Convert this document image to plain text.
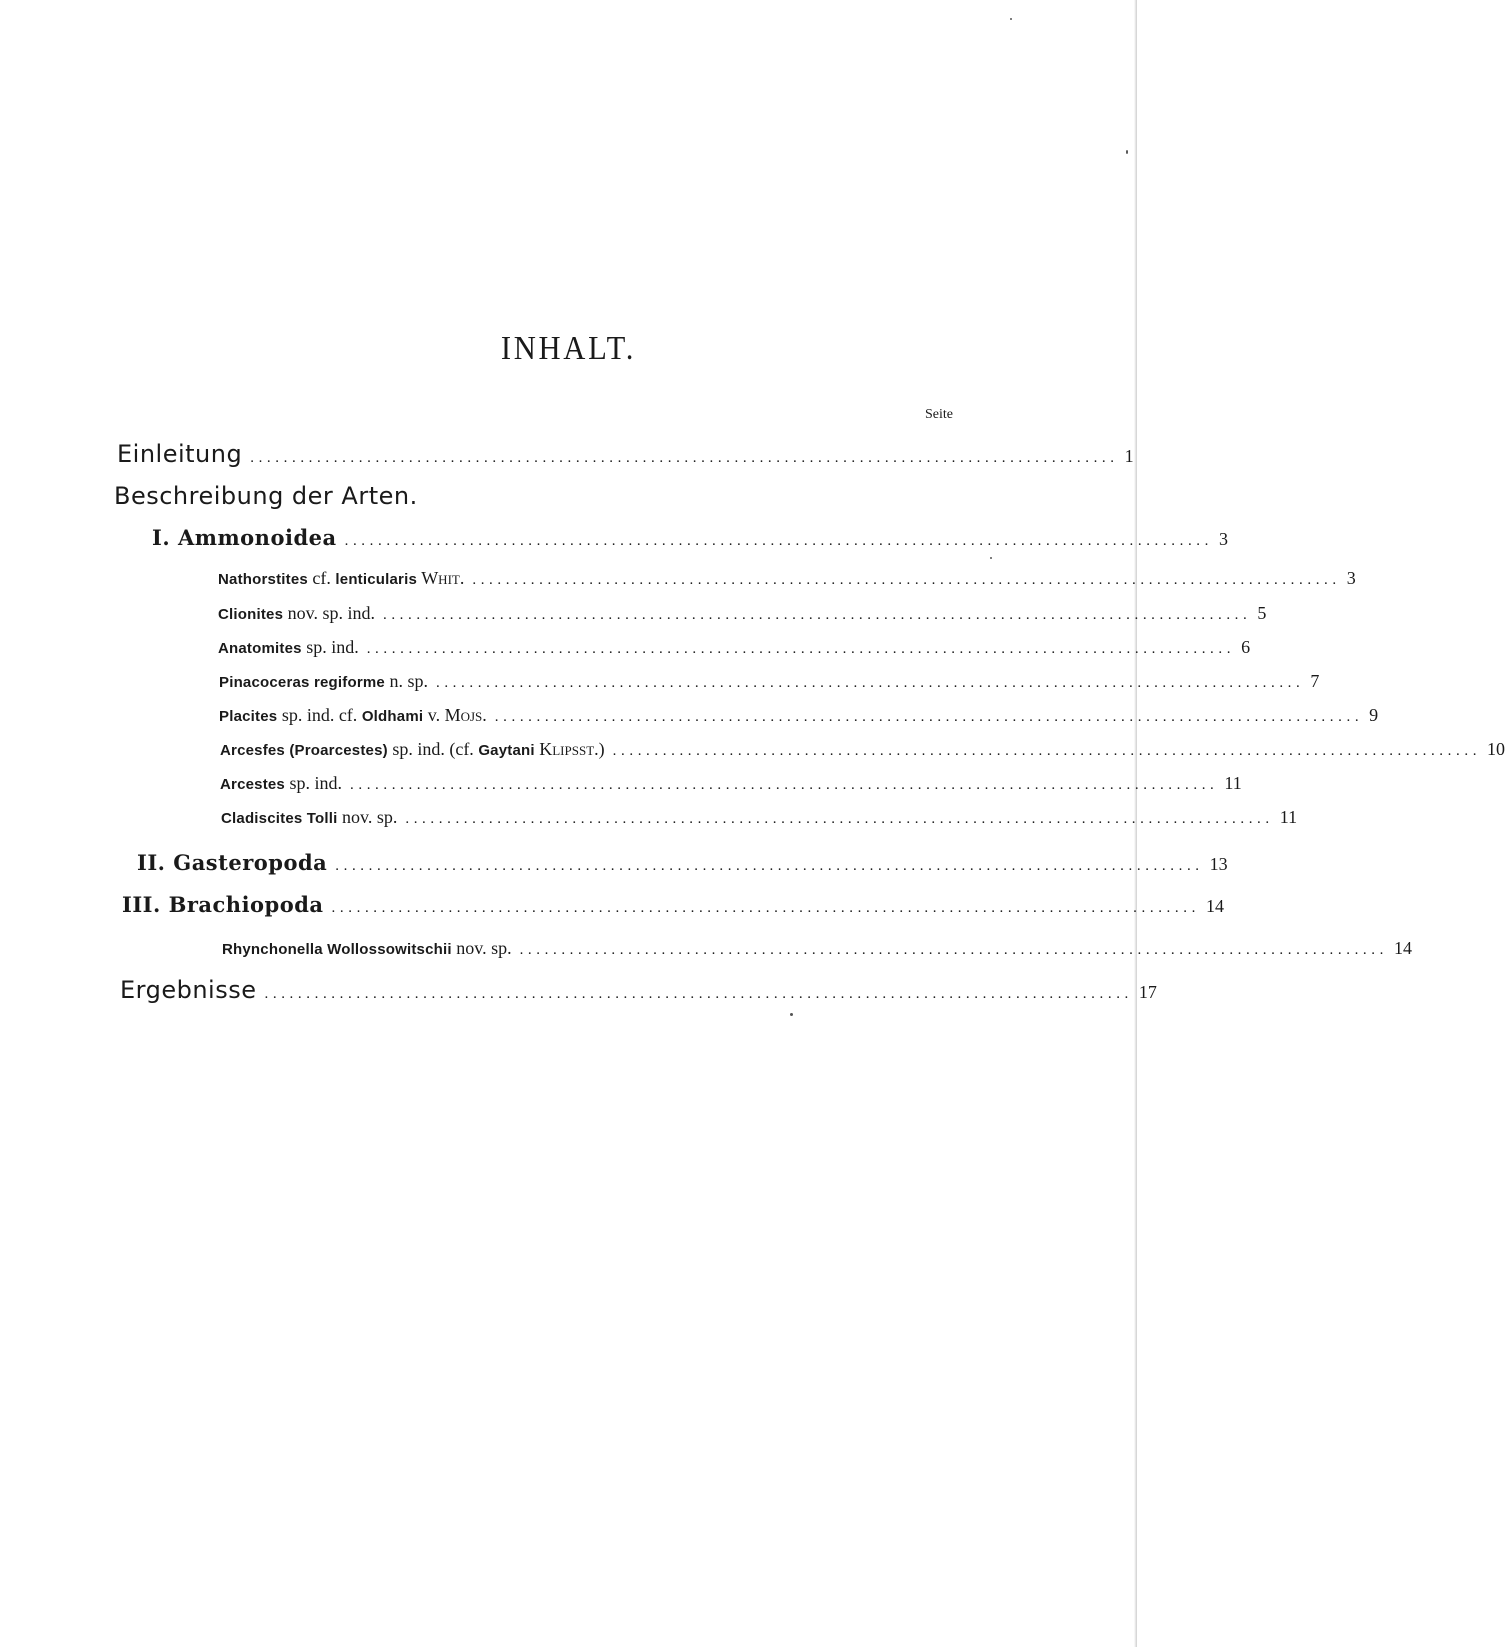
INHALT.
Seite
Einleitung ........................................................................................................ 1
Beschreibung der Arten.
I. Ammonoidea ........................................................................................................ 3
Nathorstites cf. lenticularis Whit. ........................................................................................................ 3
Clionites nov. sp. ind. ........................................................................................................ 5
Anatomites sp. ind. ........................................................................................................ 6
Pinacoceras regiforme n. sp. ........................................................................................................ 7
Placites sp. ind. cf. Oldhami v. Mojs. ........................................................................................................ 9
Arcesfes (Proarcestes) sp. ind. (cf. Gaytani Klipsst.) ........................................................................................................ 10
Arcestes sp. ind. ........................................................................................................ 11
Cladiscites Tolli nov. sp. ........................................................................................................ 11
II. Gasteropoda ........................................................................................................ 13
III. Brachiopoda ........................................................................................................ 14
Rhynchonella Wollossowitschii nov. sp. ........................................................................................................ 14
Ergebnisse ........................................................................................................ 17
